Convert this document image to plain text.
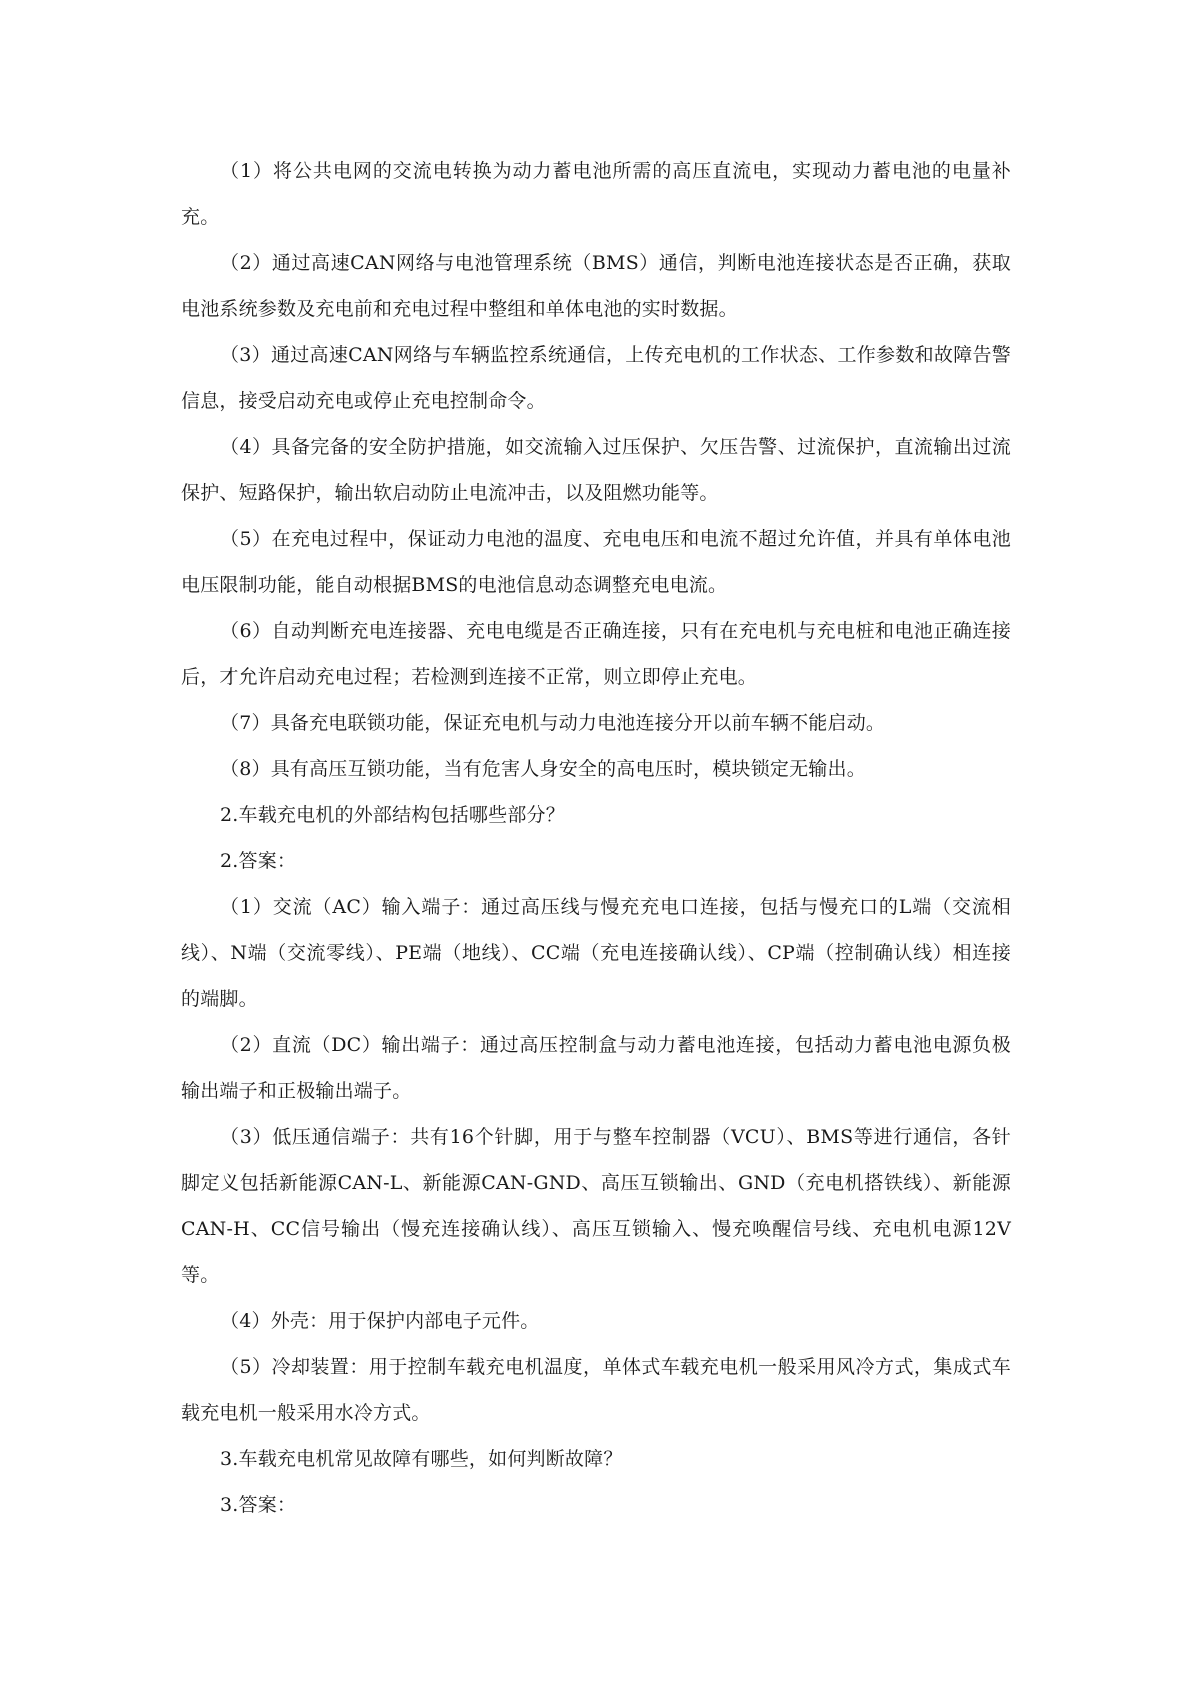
（1）将公共电网的交流电转换为动力蓄电池所需的高压直流电，实现动力蓄电池的电量补充。

（2）通过高速CAN网络与电池管理系统（BMS）通信，判断电池连接状态是否正确，获取电池系统参数及充电前和充电过程中整组和单体电池的实时数据。

（3）通过高速CAN网络与车辆监控系统通信，上传充电机的工作状态、工作参数和故障告警信息，接受启动充电或停止充电控制命令。

（4）具备完备的安全防护措施，如交流输入过压保护、欠压告警、过流保护，直流输出过流保护、短路保护，输出软启动防止电流冲击，以及阻燃功能等。

（5）在充电过程中，保证动力电池的温度、充电电压和电流不超过允许值，并具有单体电池电压限制功能，能自动根据BMS的电池信息动态调整充电电流。

（6）自动判断充电连接器、充电电缆是否正确连接，只有在充电机与充电桩和电池正确连接后，才允许启动充电过程；若检测到连接不正常，则立即停止充电。

（7）具备充电联锁功能，保证充电机与动力电池连接分开以前车辆不能启动。

（8）具有高压互锁功能，当有危害人身安全的高电压时，模块锁定无输出。

2.车载充电机的外部结构包括哪些部分？

2.答案：

（1）交流（AC）输入端子：通过高压线与慢充充电口连接，包括与慢充口的L端（交流相线）、N端（交流零线）、PE端（地线）、CC端（充电连接确认线）、CP端（控制确认线）相连接的端脚。

（2）直流（DC）输出端子：通过高压控制盒与动力蓄电池连接，包括动力蓄电池电源负极输出端子和正极输出端子。

（3）低压通信端子：共有16个针脚，用于与整车控制器（VCU）、BMS等进行通信，各针脚定义包括新能源CAN-L、新能源CAN-GND、高压互锁输出、GND（充电机搭铁线）、新能源CAN-H、CC信号输出（慢充连接确认线）、高压互锁输入、慢充唤醒信号线、充电机电源12V等。

（4）外壳：用于保护内部电子元件。

（5）冷却装置：用于控制车载充电机温度，单体式车载充电机一般采用风冷方式，集成式车载充电机一般采用水冷方式。

3.车载充电机常见故障有哪些，如何判断故障？

3.答案：
